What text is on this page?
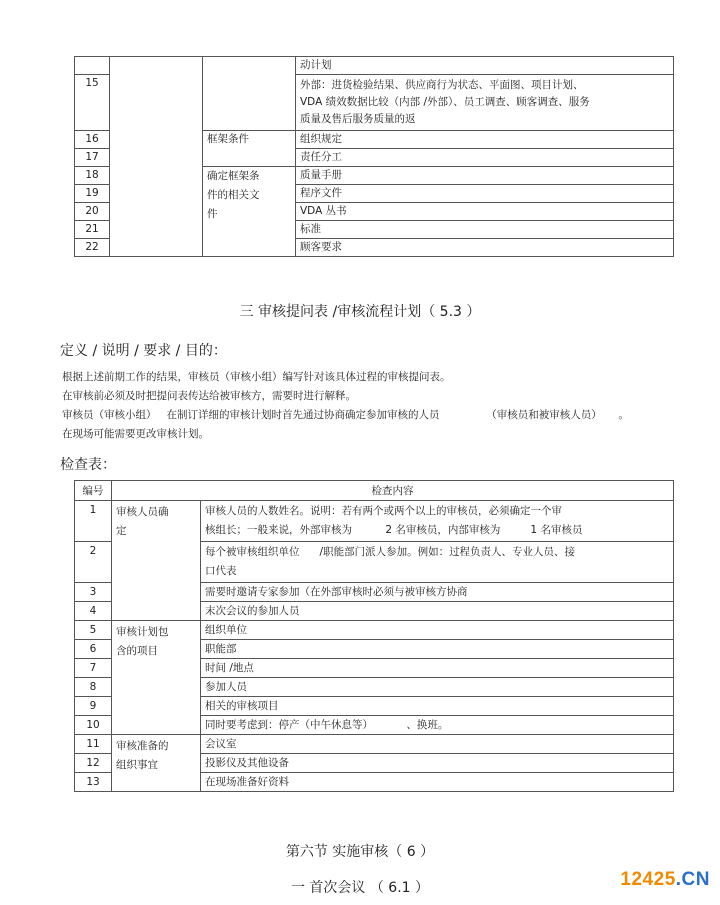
			动计划
15			外部：进货检验结果、供应商行为状态、平面图、项目计划、
VDA 绩效数据比较（内部 /外部）、员工调查、顾客调查、服务
质量及售后服务质量的返
16		框架条件	组织规定
17			责任分工
18		确定框架条
件的相关文
件	质量手册
19			程序文件
20			VDA 丛书
21			标准
22			顾客要求
三 审核提问表 /审核流程计划（ 5.3 ）
定义 / 说明 / 要求 / 目的：
根据上述前期工作的结果，审核员（审核小组）编写针对该具体过程的审核提问表。
在审核前必须及时把提问表传达给被审核方，需要时进行解释。
审核员（审核小组）   在制订详细的审核计划时首先通过协商确定参加审核的人员              （审核员和被审核人员）     。
在现场可能需要更改审核计划。
检查表：
编号	检查内容	
1	审核人员确
定	审核人员的人数姓名。说明：若有两个或两个以上的审核员，必须确定一个审
核组长；一般来说，外部审核为          2 名审核员，内部审核为         1 名审核员
2		每个被审核组织单位      /职能部门派人参加。例如：过程负责人、专业人员、接
口代表
3		需要时邀请专家参加（在外部审核时必须与被审核方协商
4		末次会议的参加人员
5	审核计划包
含的项目	组织单位
6		职能部
7		时间 /地点
8		参加人员
9		相关的审核项目
10		同时要考虑到：停产（中午休息等）          、换班。
11	审核准备的
组织事宜	会议室
12		投影仪及其他设备
13		在现场准备好资料
第六节 实施审核（ 6 ）
一 首次会议 （ 6.1 ）	12425.CN
